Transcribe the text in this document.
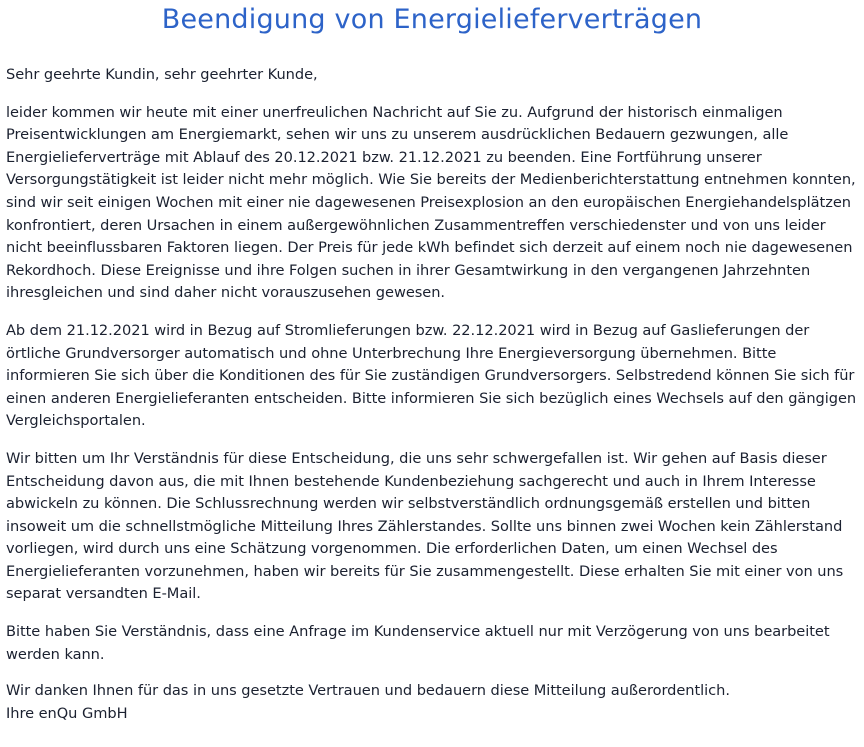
Beendigung von Energielieferverträgen

Sehr geehrte Kundin, sehr geehrter Kunde,

leider kommen wir heute mit einer unerfreulichen Nachricht auf Sie zu. Aufgrund der historisch einmaligen Preisentwicklungen am Energiemarkt, sehen wir uns zu unserem ausdrücklichen Bedauern gezwungen, alle Energielieferverträge mit Ablauf des 20.12.2021 bzw. 21.12.2021 zu beenden. Eine Fortführung unserer Versorgungstätigkeit ist leider nicht mehr möglich. Wie Sie bereits der Medienberichterstattung entnehmen konnten, sind wir seit einigen Wochen mit einer nie dagewesenen Preisexplosion an den europäischen Energiehandelsplätzen konfrontiert, deren Ursachen in einem außergewöhnlichen Zusammentreffen verschiedenster und von uns leider nicht beeinflussbaren Faktoren liegen. Der Preis für jede kWh befindet sich derzeit auf einem noch nie dagewesenen Rekordhoch. Diese Ereignisse und ihre Folgen suchen in ihrer Gesamtwirkung in den vergangenen Jahrzehnten ihresgleichen und sind daher nicht vorauszusehen gewesen.

Ab dem 21.12.2021 wird in Bezug auf Stromlieferungen bzw. 22.12.2021 wird in Bezug auf Gaslieferungen der örtliche Grundversorger automatisch und ohne Unterbrechung Ihre Energieversorgung übernehmen. Bitte informieren Sie sich über die Konditionen des für Sie zuständigen Grundversorgers. Selbstredend können Sie sich für einen anderen Energielieferanten entscheiden. Bitte informieren Sie sich bezüglich eines Wechsels auf den gängigen Vergleichsportalen.

Wir bitten um Ihr Verständnis für diese Entscheidung, die uns sehr schwergefallen ist. Wir gehen auf Basis dieser Entscheidung davon aus, die mit Ihnen bestehende Kundenbeziehung sachgerecht und auch in Ihrem Interesse abwickeln zu können. Die Schlussrechnung werden wir selbstverständlich ordnungsgemäß erstellen und bitten insoweit um die schnellstmögliche Mitteilung Ihres Zählerstandes. Sollte uns binnen zwei Wochen kein Zählerstand vorliegen, wird durch uns eine Schätzung vorgenommen. Die erforderlichen Daten, um einen Wechsel des Energielieferanten vorzunehmen, haben wir bereits für Sie zusammengestellt. Diese erhalten Sie mit einer von uns separat versandten E-Mail.

Bitte haben Sie Verständnis, dass eine Anfrage im Kundenservice aktuell nur mit Verzögerung von uns bearbeitet werden kann.

Wir danken Ihnen für das in uns gesetzte Vertrauen und bedauern diese Mitteilung außerordentlich.

Ihre enQu GmbH
